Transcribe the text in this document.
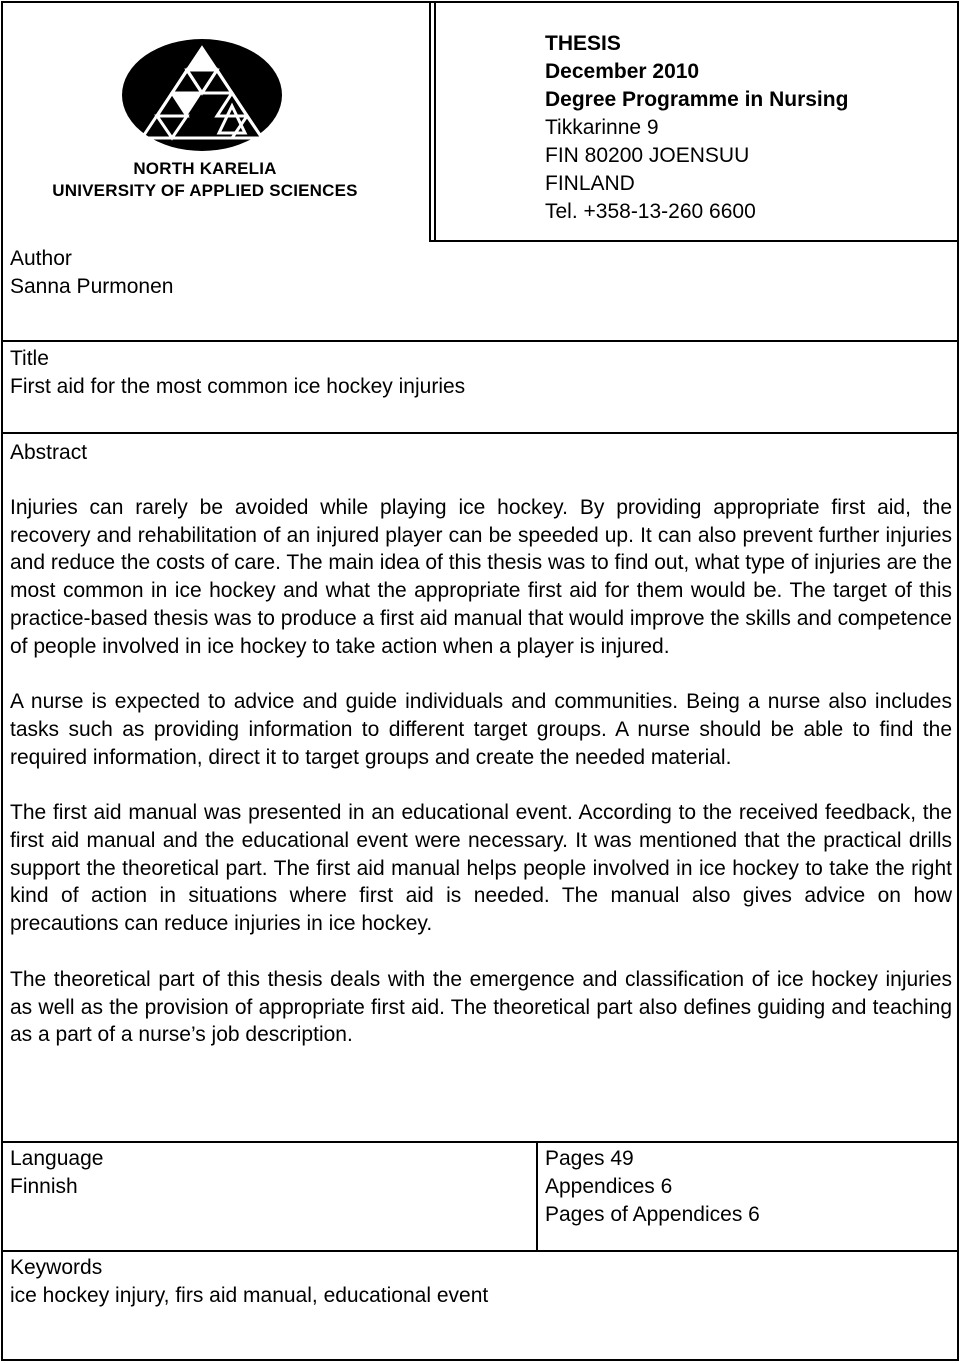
NORTH KARELIA
UNIVERSITY OF APPLIED SCIENCES
THESIS
December 2010
Degree Programme in Nursing
Tikkarinne 9
FIN 80200 JOENSUU
FINLAND
Tel. +358-13-260 6600
Author
Sanna Purmonen
Title
First aid for the most common ice hockey injuries
Abstract

Injuries can rarely be avoided while playing ice hockey. By providing appropriate first aid, the recovery and rehabilitation of an injured player can be speeded up. It can also prevent further injuries and reduce the costs of care. The main idea of this thesis was to find out, what type of injuries are the most common in ice hockey and what the appropriate first aid for them would be. The target of this practice-based thesis was to produce a first aid manual that would improve the skills and competence of people involved in ice hockey to take action when a player is injured.

A nurse is expected to advice and guide individuals and communities. Being a nurse also includes tasks such as providing information to different target groups. A nurse should be able to find the required information, direct it to target groups and create the needed material.

The first aid manual was presented in an educational event. According to the received feedback, the first aid manual and the educational event were necessary. It was mentioned that the practical drills support the theoretical part. The first aid manual helps people involved in ice hockey to take the right kind of action in situations where first aid is needed. The manual also gives advice on how precautions can reduce injuries in ice hockey.

The theoretical part of this thesis deals with the emergence and classification of ice hockey injuries as well as the provision of appropriate first aid. The theoretical part also defines guiding and teaching as a part of a nurse’s job description.

Language
Finnish
Pages 49
Appendices 6
Pages of Appendices 6
Keywords
ice hockey injury, firs aid manual, educational event
